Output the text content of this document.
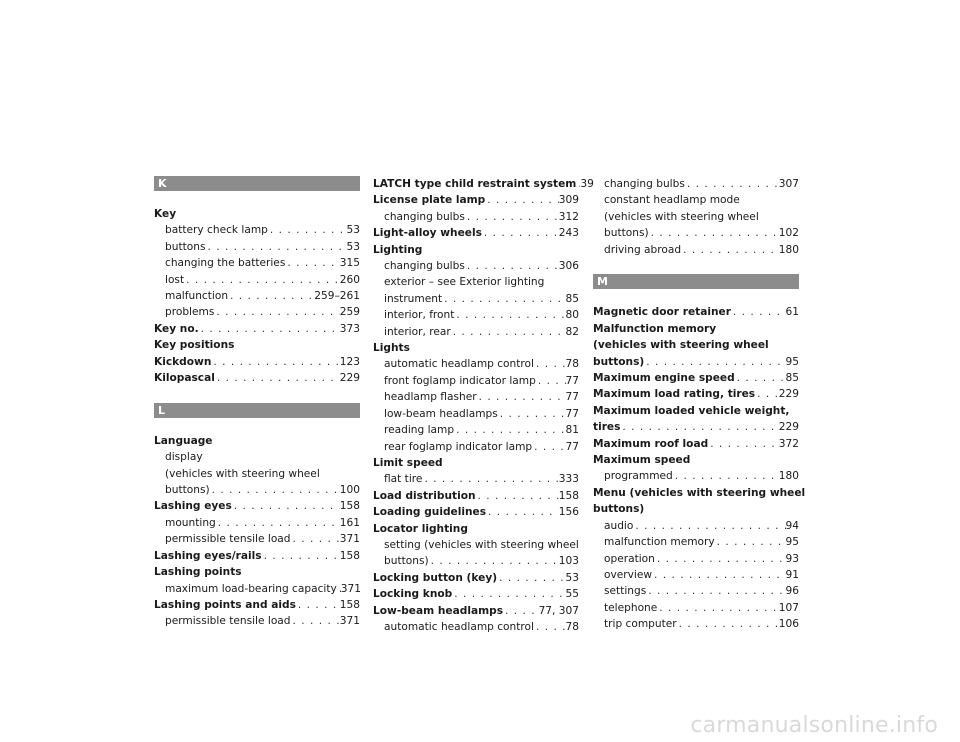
K
Key
battery check lamp . . .	53
buttons . . .	53
changing the batteries . . .	315
lost . . .	260
malfunction . . .	259–261
problems . . .	259
Key no. . . .	373
Key positions
Kickdown . . .	123
Kilopascal . . .	229
L
Language
display
(vehicles with steering wheel
buttons) . . .	100
Lashing eyes . . .	158
mounting . . .	161
permissible tensile load . . .	371
Lashing eyes/rails . . .	158
Lashing points
maximum load-bearing capacity . . . 371
Lashing points and aids . . .	158
permissible tensile load . . .	371
LATCH type child restraint system . . . 39
License plate lamp . . .	309
changing bulbs . . .	312
Light-alloy wheels . . .	243
Lighting
changing bulbs . . .	306
exterior – see Exterior lighting
instrument . . .	85
interior, front . . .	80
interior, rear . . .	82
Lights
automatic headlamp control . . .	78
front foglamp indicator lamp . . .	77
headlamp flasher . . .	77
low-beam headlamps . . .	77
reading lamp . . .	81
rear foglamp indicator lamp . . .	77
Limit speed
flat tire . . .	333
Load distribution . . .	158
Loading guidelines . . .	156
Locator lighting
setting (vehicles with steering wheel
buttons) . . .	103
Locking button (key) . . .	53
Locking knob . . .	55
Low-beam headlamps . . .	77, 307
automatic headlamp control . . .	78
changing bulbs . . .	307
constant headlamp mode
(vehicles with steering wheel
buttons) . . .	102
driving abroad . . .	180
M
Magnetic door retainer . . .	61
Malfunction memory
(vehicles with steering wheel
buttons) . . .	95
Maximum engine speed . . .	85
Maximum load rating, tires . . . 229
Maximum loaded vehicle weight,
tires . . .	229
Maximum roof load . . .	372
Maximum speed
programmed . . .	180
Menu (vehicles with steering wheel
buttons)
audio . . .	94
malfunction memory . . .	95
operation . . .	93
overview . . .	91
settings . . .	96
telephone . . .	107
trip computer . . .	106
carmanualsonline.info
